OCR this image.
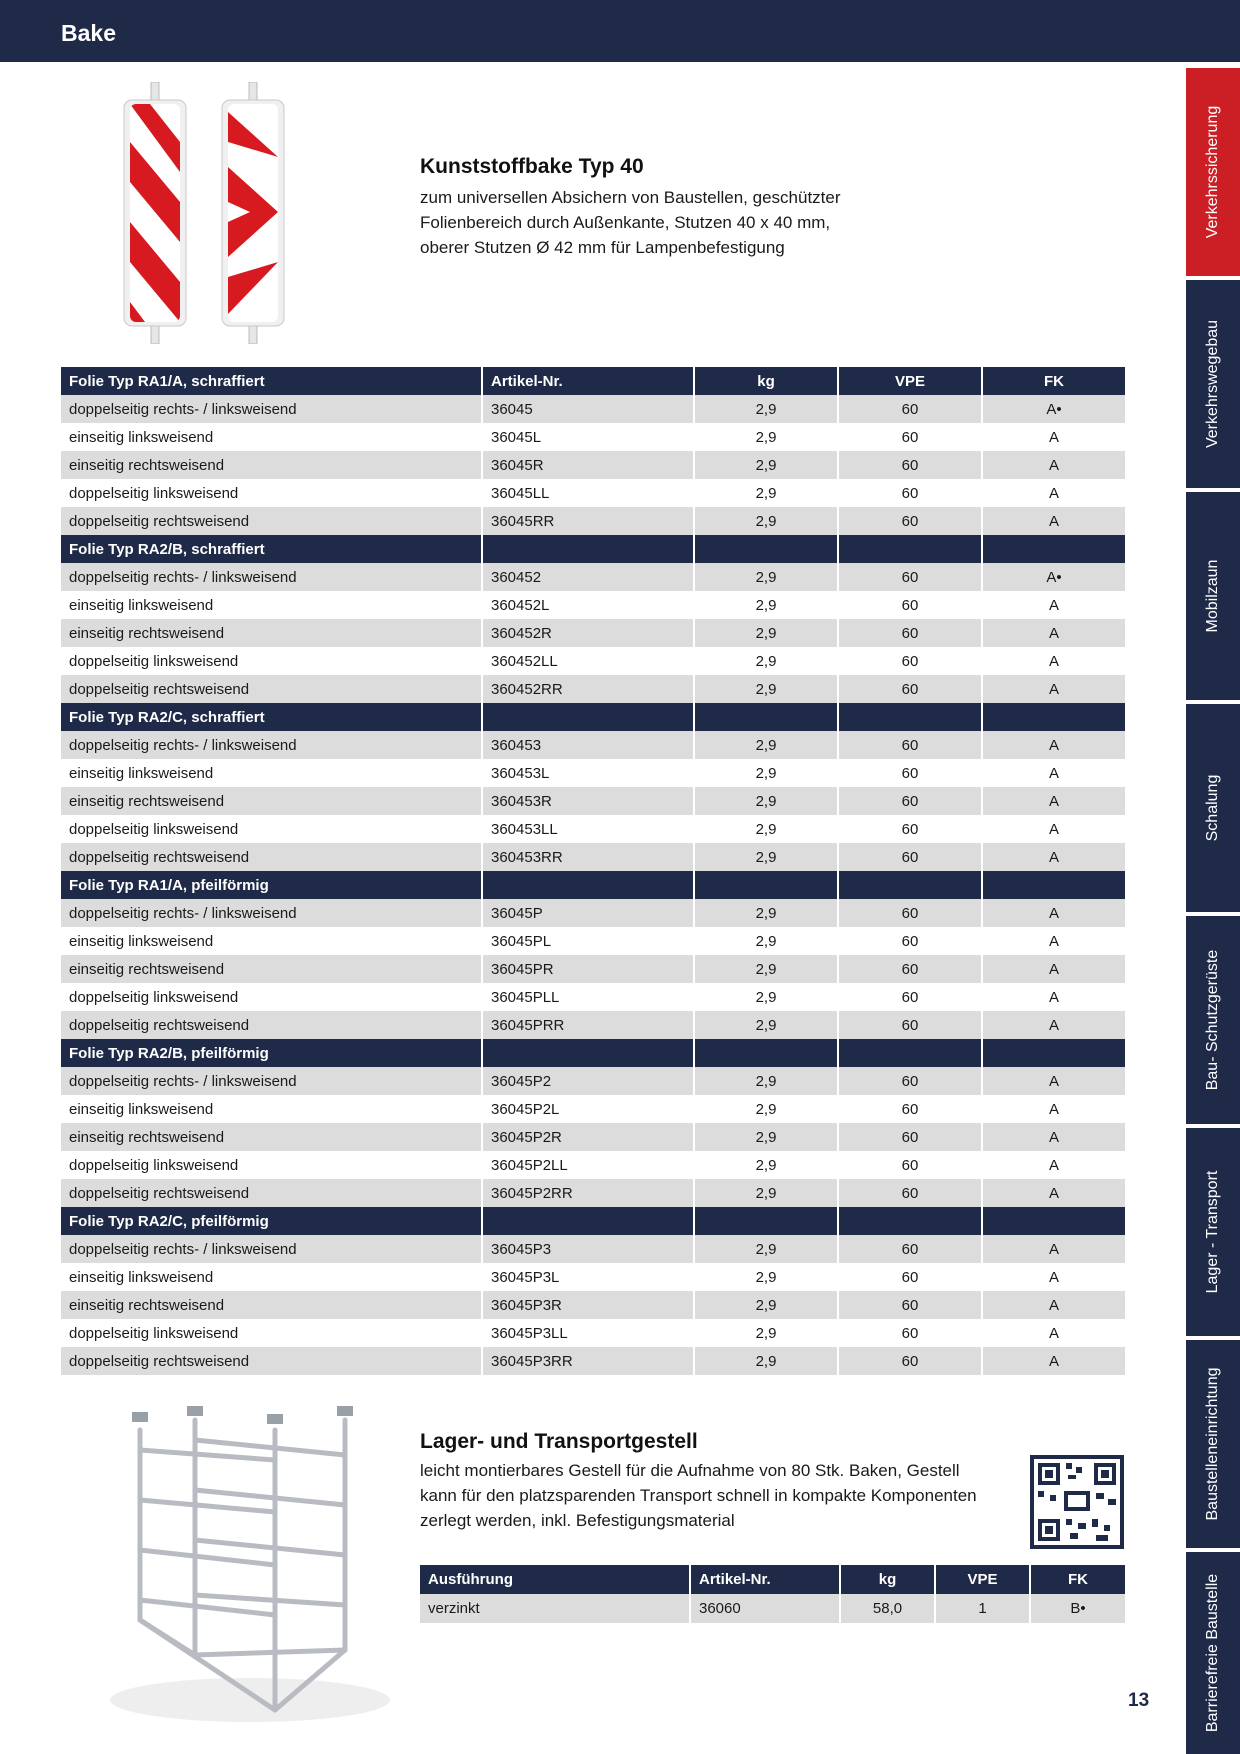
Bake
Verkehrssicherung
Verkehrswegebau
Mobilzaun
Schalung
Bau- Schutzgerüste
Lager - Transport
Baustelleneinrichtung
Barrierefreie Baustelle
Kunststoffbake Typ 40

zum universellen Absichern von Baustellen, geschützter
Folienbereich durch Außenkante, Stutzen 40 x 40 mm,
oberer Stutzen Ø 42 mm für Lampenbefestigung

Folie Typ RA1/A, schraffiert	Artikel-Nr.	kg	VPE	FK
doppelseitig rechts- / linksweisend	36045	2,9	60	A•
einseitig linksweisend	36045L	2,9	60	A
einseitig rechtsweisend	36045R	2,9	60	A
doppelseitig linksweisend	36045LL	2,9	60	A
doppelseitig rechtsweisend	36045RR	2,9	60	A
Folie Typ RA2/B, schraffiert				
doppelseitig rechts- / linksweisend	360452	2,9	60	A•
einseitig linksweisend	360452L	2,9	60	A
einseitig rechtsweisend	360452R	2,9	60	A
doppelseitig linksweisend	360452LL	2,9	60	A
doppelseitig rechtsweisend	360452RR	2,9	60	A
Folie Typ RA2/C, schraffiert				
doppelseitig rechts- / linksweisend	360453	2,9	60	A
einseitig linksweisend	360453L	2,9	60	A
einseitig rechtsweisend	360453R	2,9	60	A
doppelseitig linksweisend	360453LL	2,9	60	A
doppelseitig rechtsweisend	360453RR	2,9	60	A
Folie Typ RA1/A, pfeilförmig				
doppelseitig rechts- / linksweisend	36045P	2,9	60	A
einseitig linksweisend	36045PL	2,9	60	A
einseitig rechtsweisend	36045PR	2,9	60	A
doppelseitig linksweisend	36045PLL	2,9	60	A
doppelseitig rechtsweisend	36045PRR	2,9	60	A
Folie Typ RA2/B, pfeilförmig				
doppelseitig rechts- / linksweisend	36045P2	2,9	60	A
einseitig linksweisend	36045P2L	2,9	60	A
einseitig rechtsweisend	36045P2R	2,9	60	A
doppelseitig linksweisend	36045P2LL	2,9	60	A
doppelseitig rechtsweisend	36045P2RR	2,9	60	A
Folie Typ RA2/C, pfeilförmig				
doppelseitig rechts- / linksweisend	36045P3	2,9	60	A
einseitig linksweisend	36045P3L	2,9	60	A
einseitig rechtsweisend	36045P3R	2,9	60	A
doppelseitig linksweisend	36045P3LL	2,9	60	A
doppelseitig rechtsweisend	36045P3RR	2,9	60	A
Lager- und Transportgestell

leicht montierbares Gestell für die Aufnahme von 80 Stk. Baken, Gestell
kann für den platzsparenden Transport schnell in kompakte Komponenten
zerlegt werden, inkl. Befestigungsmaterial

Ausführung	Artikel-Nr.	kg	VPE	FK
verzinkt	36060	58,0	1	B•
13
